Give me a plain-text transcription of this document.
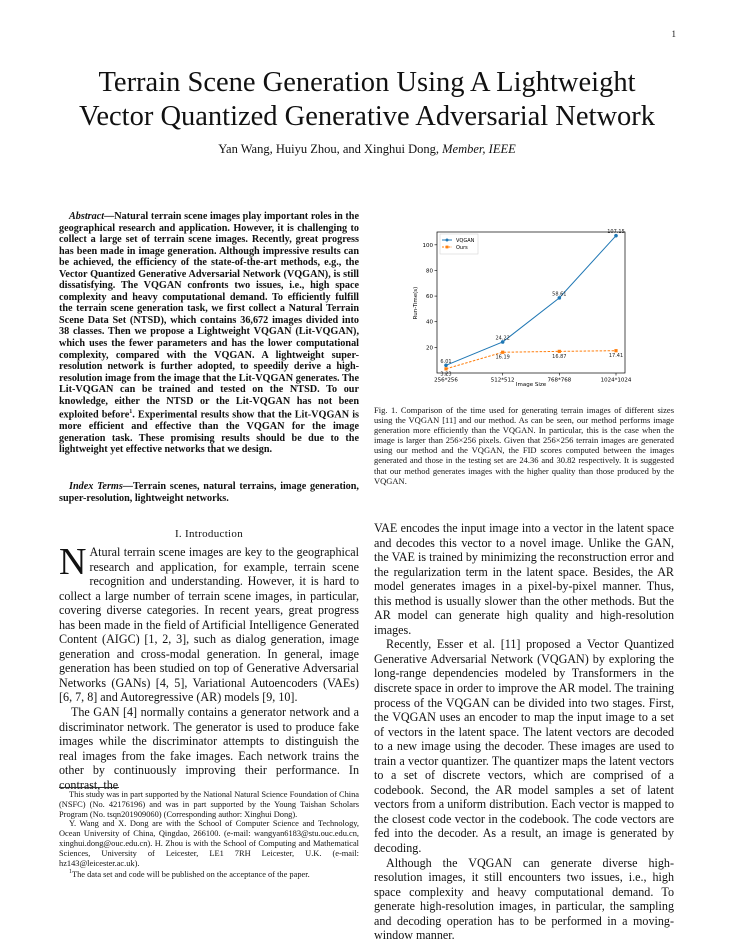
1
Terrain Scene Generation Using A Lightweight
Vector Quantized Generative Adversarial Network
Yan Wang, Huiyu Zhou, and Xinghui Dong, Member, IEEE
Abstract—Natural terrain scene images play important roles in the geographical research and application. However, it is challenging to collect a large set of terrain scene images. Recently, great progress has been made in image generation. Although impressive results can be achieved, the efficiency of the state-of-the-art methods, e.g., the Vector Quantized Generative Adversarial Network (VQGAN), is still dissatisfying. The VQGAN confronts two issues, i.e., high space complexity and heavy computational demand. To efficiently fulfill the terrain scene generation task, we first collect a Natural Terrain Scene Data Set (NTSD), which contains 36,672 images divided into 38 classes. Then we propose a Lightweight VQGAN (Lit-VQGAN), which uses the fewer parameters and has the lower computational complexity, compared with the VQGAN. A lightweight super-resolution network is further adopted, to speedily derive a high-resolution image from the image that the Lit-VQGAN generates. The Lit-VQGAN can be trained and tested on the NTSD. To our knowledge, either the NTSD or the Lit-VQGAN has not been exploited before$^1$. Experimental results show that the Lit-VQGAN is more efficient and effective than the VQGAN for the image generation task. These promising results should be due to the lightweight yet effective networks that we design.
Index Terms—Terrain scenes, natural terrains, image generation, super-resolution, lightweight networks.
I. Introduction

N Atural terrain scene images are key to the geographical research and application, for example, terrain scene recognition and understanding. However, it is hard to collect a large number of terrain scene images, in particular, covering diverse categories. In recent years, great progress has been made in the field of Artificial Intelligence Generated Content (AIGC) [1, 2, 3], such as dialog generation, image generation and cross-modal generation. In general, image generation has been studied on top of Generative Adversarial Networks (GANs) [4, 5], Variational Autoencoders (VAEs) [6, 7, 8] and Autoregressive (AR) models [9, 10].

The GAN [4] normally contains a generator network and a discriminator network. The generator is used to produce fake images while the discriminator attempts to distinguish the real images from the fake images. Each network trains the other by continuously improving their performance. In contrast, the

This study was in part supported by the National Natural Science Foundation of China (NSFC) (No. 42176196) and was in part supported by the Young Taishan Scholars Program (No. tsqn201909060) (Corresponding author: Xinghui Dong).

Y. Wang and X. Dong are with the School of Computer Science and Technology, Ocean University of China, Qingdao, 266100. (e-mail: wangyan6183@stu.ouc.edu.cn, xinghui.dong@ouc.edu.cn). H. Zhou is with the School of Computing and Mathematical Sciences, University of Leicester, LE1 7RH Leicester, U.K. (e-mail: hz143@leicester.ac.uk).

$^1$The data set and code will be published on the acceptance of the paper.

20
40
60
80
100
256*256	512*512	768*768	1024*1024
6.01
24.22
58.61
107.15
3.23
16.19	16.87	17.41
Run-Time(s)
Image Size
VQGAN
Ours
Fig. 1. Comparison of the time used for generating terrain images of different sizes using the VQGAN [11] and our method. As can be seen, our method performs image generation more efficiently than the VQGAN. In particular, this is the case when the image is larger than 256×256 pixels. Given that 256×256 terrain images are generated using our method and the VQGAN, the FID scores computed between the images generated and those in the testing set are 24.36 and 30.82 respectively. It is suggested that our method generates images with the higher quality than those produced by the VQGAN.

VAE encodes the input image into a vector in the latent space and decodes this vector to a novel image. Unlike the GAN, the VAE is trained by minimizing the reconstruction error and the regularization term in the latent space. Besides, the AR model generates images in a pixel-by-pixel manner. Thus, this method is usually slower than the other methods. But the AR model can generate high quality and high-resolution images.

Recently, Esser et al. [11] proposed a Vector Quantized Generative Adversarial Network (VQGAN) by exploring the long-range dependencies modeled by Transformers in the discrete space in order to improve the AR model. The training process of the VQGAN can be divided into two stages. First, the VQGAN uses an encoder to map the input image to a set of vectors in the latent space. The latent vectors are decoded to a new image using the decoder. These images are used to train a vector quantizer. The quantizer maps the latent vectors to a set of discrete vectors, which are comprised of a codebook. Second, the AR model samples a set of latent vectors from a uniform distribution. Each vector is mapped to the closest code vector in the codebook. The code vectors are fed into the decoder. As a result, an image is generated by decoding.

Although the VQGAN can generate diverse high-resolution images, it still encounters two issues, i.e., high space complexity and heavy computational demand. To generate high-resolution images, in particular, the sampling and decoding operation has to be performed in a moving-window manner.
